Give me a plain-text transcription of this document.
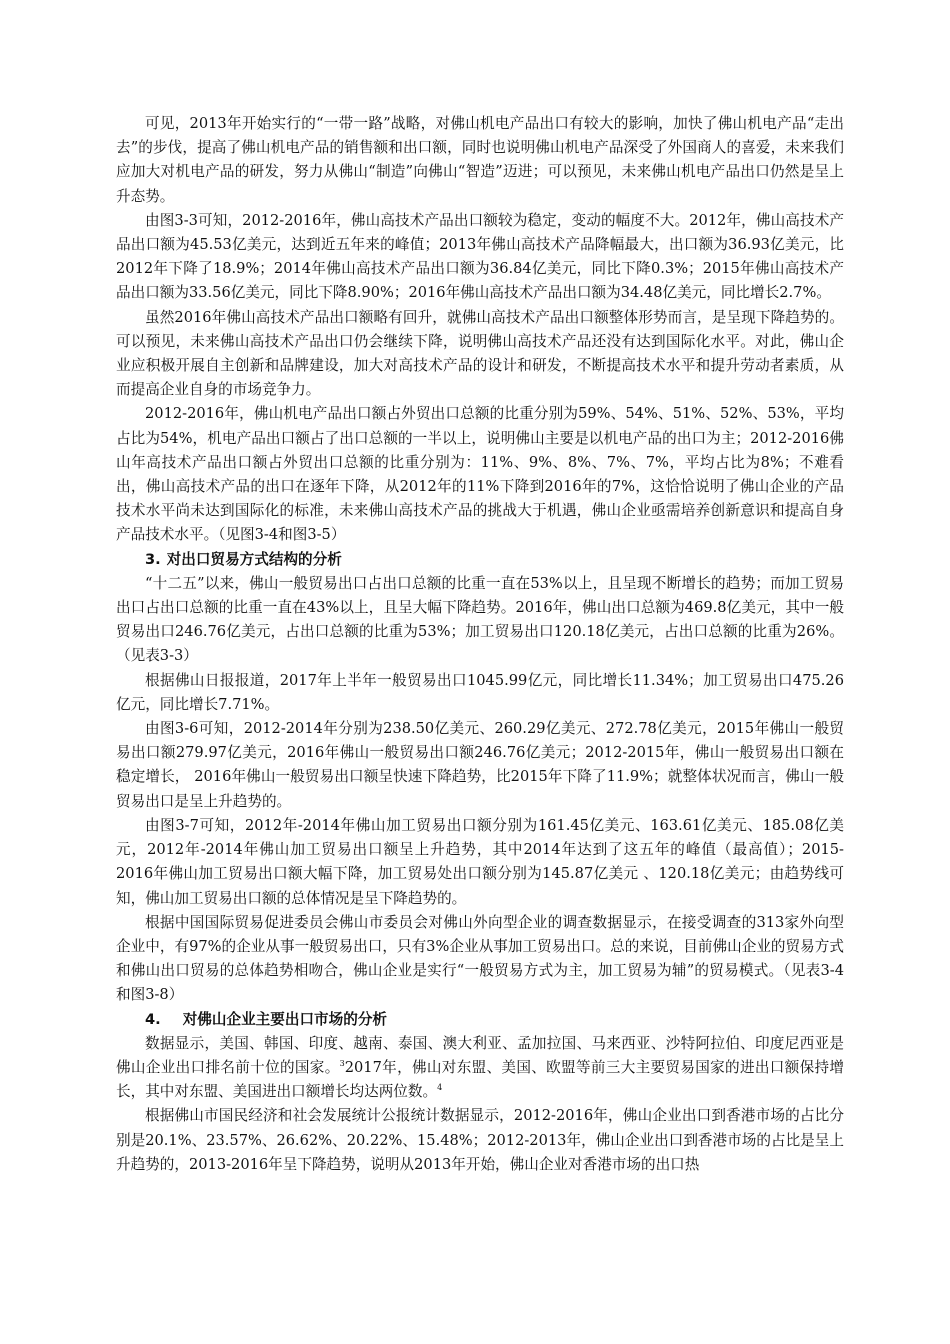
可见，2013年开始实行的“一带一路”战略，对佛山机电产品出口有较大的影响，加快了佛山机电产品“走出去”的步伐，提高了佛山机电产品的销售额和出口额，同时也说明佛山机电产品深受了外国商人的喜爱，未来我们应加大对机电产品的研发，努力从佛山“制造”向佛山“智造”迈进；可以预见，未来佛山机电产品出口仍然是呈上升态势。

由图3-3可知，2012-2016年，佛山高技术产品出口额较为稳定，变动的幅度不大。2012年，佛山高技术产品出口额为45.53亿美元，达到近五年来的峰值；2013年佛山高技术产品降幅最大，出口额为36.93亿美元，比2012年下降了18.9%；2014年佛山高技术产品出口额为36.84亿美元，同比下降0.3%；2015年佛山高技术产品出口额为33.56亿美元，同比下降8.90%；2016年佛山高技术产品出口额为34.48亿美元，同比增长2.7%。

虽然2016年佛山高技术产品出口额略有回升，就佛山高技术产品出口额整体形势而言，是呈现下降趋势的。可以预见，未来佛山高技术产品出口仍会继续下降，说明佛山高技术产品还没有达到国际化水平。对此，佛山企业应积极开展自主创新和品牌建设，加大对高技术产品的设计和研发，不断提高技术水平和提升劳动者素质，从而提高企业自身的市场竞争力。

2012-2016年，佛山机电产品出口额占外贸出口总额的比重分别为59%、54%、51%、52%、53%，平均占比为54%，机电产品出口额占了出口总额的一半以上，说明佛山主要是以机电产品的出口为主；2012-2016佛山年高技术产品出口额占外贸出口总额的比重分别为：11%、9%、8%、7%、7%，平均占比为8%；不难看出，佛山高技术产品的出口在逐年下降，从2012年的11%下降到2016年的7%，这恰恰说明了佛山企业的产品技术水平尚未达到国际化的标准，未来佛山高技术产品的挑战大于机遇，佛山企业亟需培养创新意识和提高自身产品技术水平。（见图3-4和图3-5）

3. 对出口贸易方式结构的分析

“十二五”以来，佛山一般贸易出口占出口总额的比重一直在53%以上，且呈现不断增长的趋势；而加工贸易出口占出口总额的比重一直在43%以上，且呈大幅下降趋势。2016年，佛山出口总额为469.8亿美元，其中一般贸易出口246.76亿美元，占出口总额的比重为53%；加工贸易出口120.18亿美元，占出口总额的比重为26%。（见表3-3）

根据佛山日报报道，2017年上半年一般贸易出口1045.99亿元，同比增长11.34%；加工贸易出口475.26亿元，同比增长7.71%。

由图3-6可知，2012-2014年分别为238.50亿美元、260.29亿美元、272.78亿美元，2015年佛山一般贸易出口额279.97亿美元，2016年佛山一般贸易出口额246.76亿美元；2012-2015年，佛山一般贸易出口额在稳定增长， 2016年佛山一般贸易出口额呈快速下降趋势，比2015年下降了11.9%；就整体状况而言，佛山一般贸易出口是呈上升趋势的。

由图3-7可知，2012年-2014年佛山加工贸易出口额分别为161.45亿美元、163.61亿美元、185.08亿美元，2012年-2014年佛山加工贸易出口额呈上升趋势，其中2014年达到了这五年的峰值（最高值）；2015-2016年佛山加工贸易出口额大幅下降，加工贸易处出口额分别为145.87亿美元 、120.18亿美元；由趋势线可知，佛山加工贸易出口额的总体情况是呈下降趋势的。

根据中国国际贸易促进委员会佛山市委员会对佛山外向型企业的调查数据显示，在接受调查的313家外向型企业中，有97%的企业从事一般贸易出口，只有3%企业从事加工贸易出口。总的来说，目前佛山企业的贸易方式和佛山出口贸易的总体趋势相吻合，佛山企业是实行“一般贸易方式为主，加工贸易为辅”的贸易模式。（见表3-4和图3-8）

4. 对佛山企业主要出口市场的分析

数据显示，美国、韩国、印度、越南、泰国、澳大利亚、孟加拉国、马来西亚、沙特阿拉伯、印度尼西亚是佛山企业出口排名前十位的国家。$^3$2017年，佛山对东盟、美国、欧盟等前三大主要贸易国家的进出口额保持增长，其中对东盟、美国进出口额增长均达两位数。$^4$

根据佛山市国民经济和社会发展统计公报统计数据显示，2012-2016年，佛山企业出口到香港市场的占比分别是20.1%、23.57%、26.62%、20.22%、15.48%；2012-2013年，佛山企业出口到香港市场的占比是呈上升趋势的，2013-2016年呈下降趋势，说明从2013年开始，佛山企业对香港市场的出口热
